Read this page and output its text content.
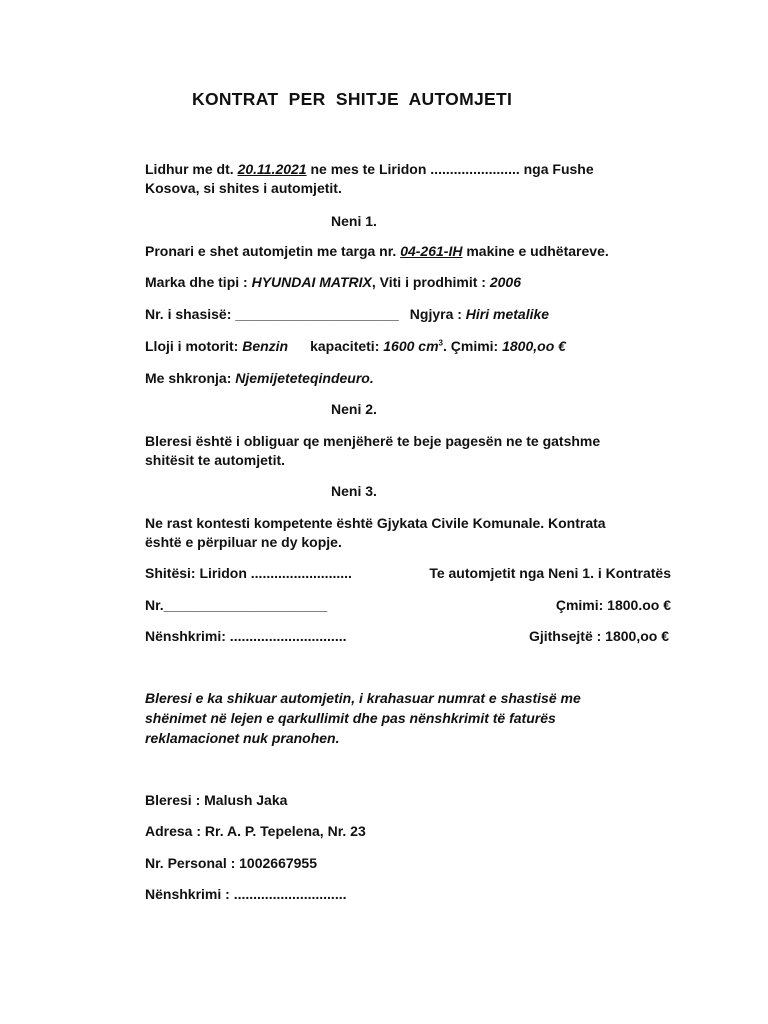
KONTRAT  PER  SHITJE  AUTOMJETI
Lidhur me dt. 20.11.2021 ne mes te Liridon ....................... nga Fushe
Kosova, si shites i automjetit.
Neni 1.
Pronari e shet automjetin me targa nr. 04-261-IH makine e udhëtareve.
Marka dhe tipi : HYUNDAI MATRIX, Viti i prodhimit : 2006
Nr. i shasisë: _____________________ Ngjyra : Hiri metalike
Lloji i motorit: Benzin kapaciteti: 1600 $cm^3$. Çmimi: 1800,oo €
Me shkronja: Njemijeteteqindeuro.
Neni 2.
Bleresi është i obliguar qe menjëherë te beje pagesën ne te gatshme
shitësit te automjetit.
Neni 3.
Ne rast kontesti kompetente është Gjykata Civile Komunale. Kontrata
është e përpiluar ne dy kopje.
Shitësi: Liridon ..........................	Te automjetit nga Neni 1. i Kontratës
Nr._____________________	Çmimi: 1800.oo €
Nënshkrimi: ..............................	Gjithsejtë : 1800,oo €
Bleresi e ka shikuar automjetin, i krahasuar numrat e shastisë me
shënimet në lejen e qarkullimit dhe pas nënshkrimit të faturës
reklamacionet nuk pranohen.
Bleresi : Malush Jaka
Adresa : Rr. A. P. Tepelena, Nr. 23
Nr. Personal : 1002667955
Nënshkrimi : .............................
